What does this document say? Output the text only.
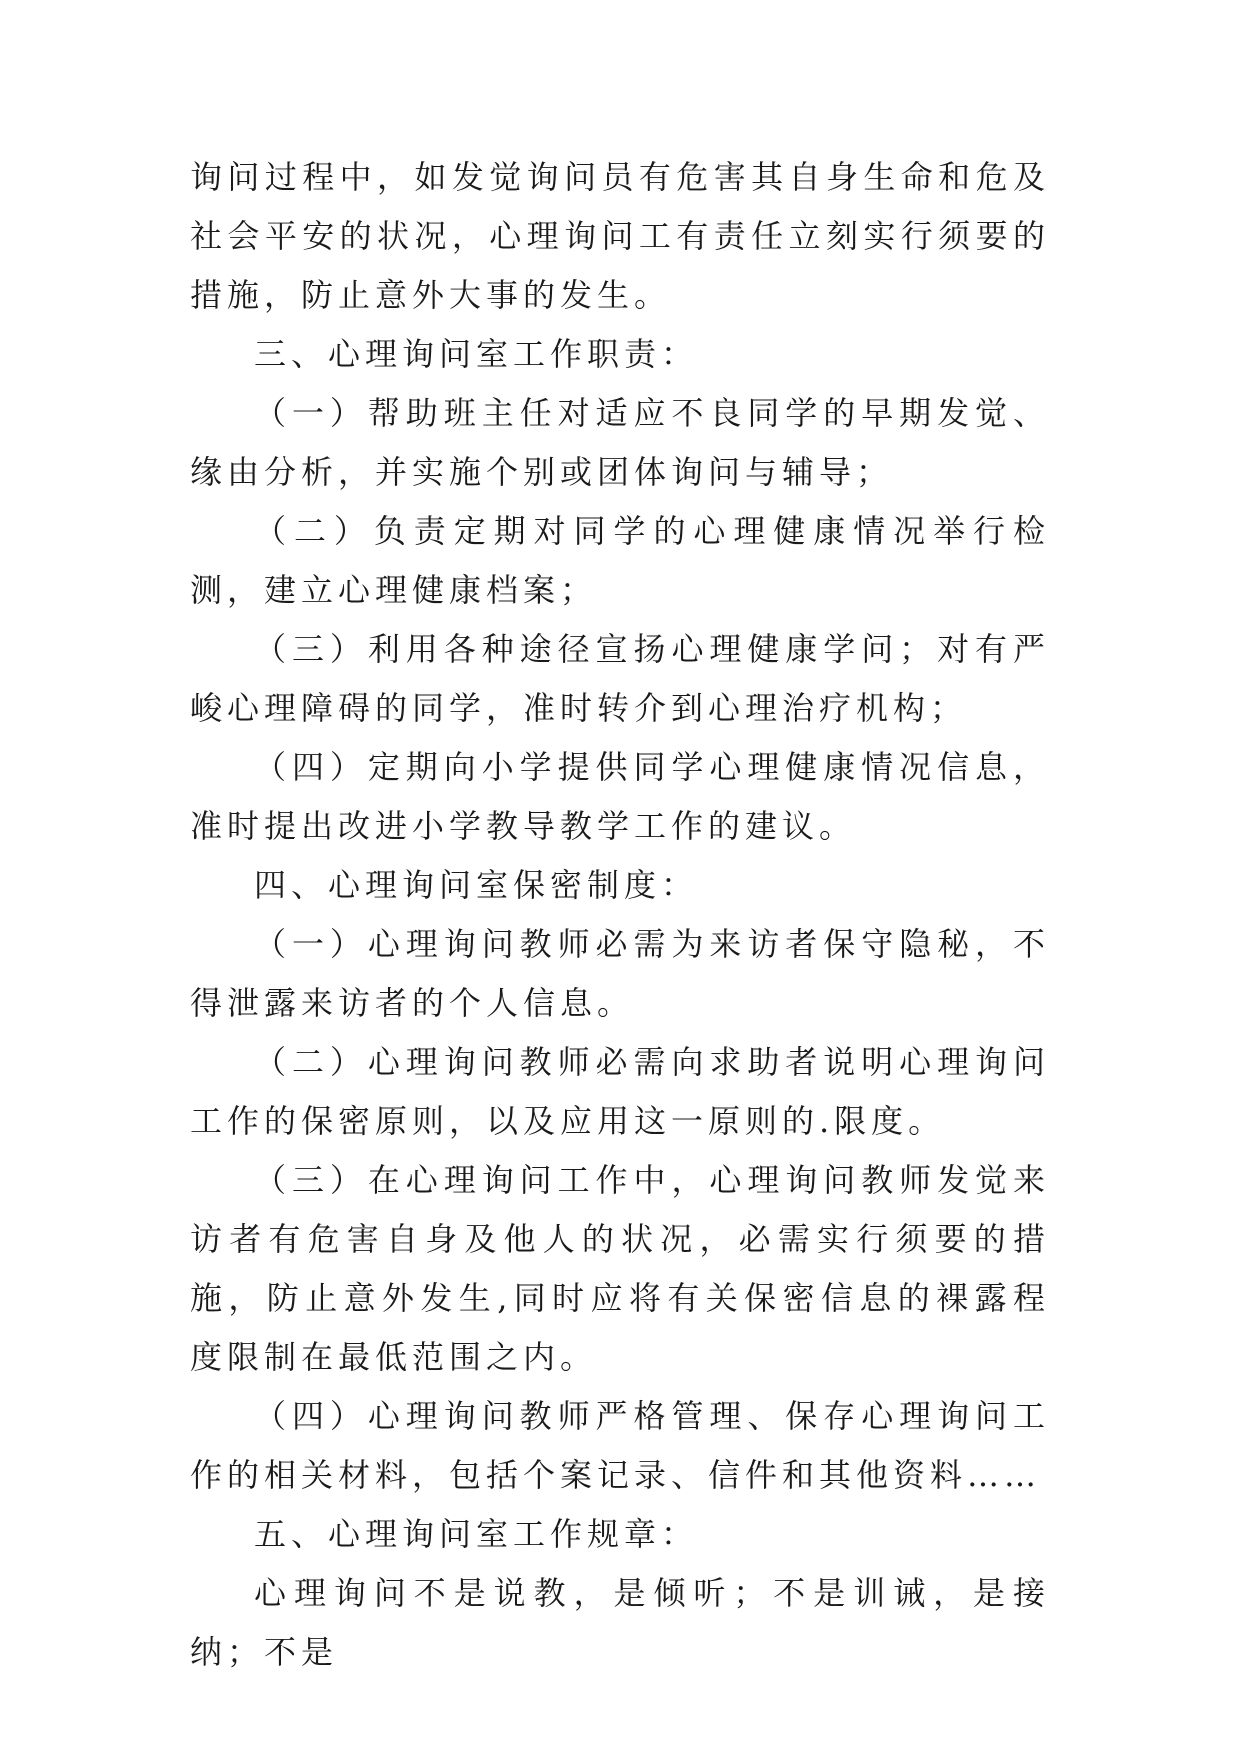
询问过程中，如发觉询问员有危害其自身生命和危及社会平安的状况，心理询问工有责任立刻实行须要的措施，防止意外大事的发生。

三、心理询问室工作职责：

（一）帮助班主任对适应不良同学的早期发觉、缘由分析，并实施个别或团体询问与辅导；

（二）负责定期对同学的心理健康情况举行检测，建立心理健康档案；

（三）利用各种途径宣扬心理健康学问；对有严峻心理障碍的同学，准时转介到心理治疗机构；

（四）定期向小学提供同学心理健康情况信息，准时提出改进小学教导教学工作的建议。

四、心理询问室保密制度：

（一）心理询问教师必需为来访者保守隐秘，不得泄露来访者的个人信息。

（二）心理询问教师必需向求助者说明心理询问工作的保密原则，以及应用这一原则的.限度。

（三）在心理询问工作中，心理询问教师发觉来访者有危害自身及他人的状况，必需实行须要的措施，防止意外发生,同时应将有关保密信息的裸露程度限制在最低范围之内。

（四）心理询问教师严格管理、保存心理询问工作的相关材料，包括个案记录、信件和其他资料……

五、心理询问室工作规章：

心理询问不是说教，是倾听；不是训诫，是接纳；不是
